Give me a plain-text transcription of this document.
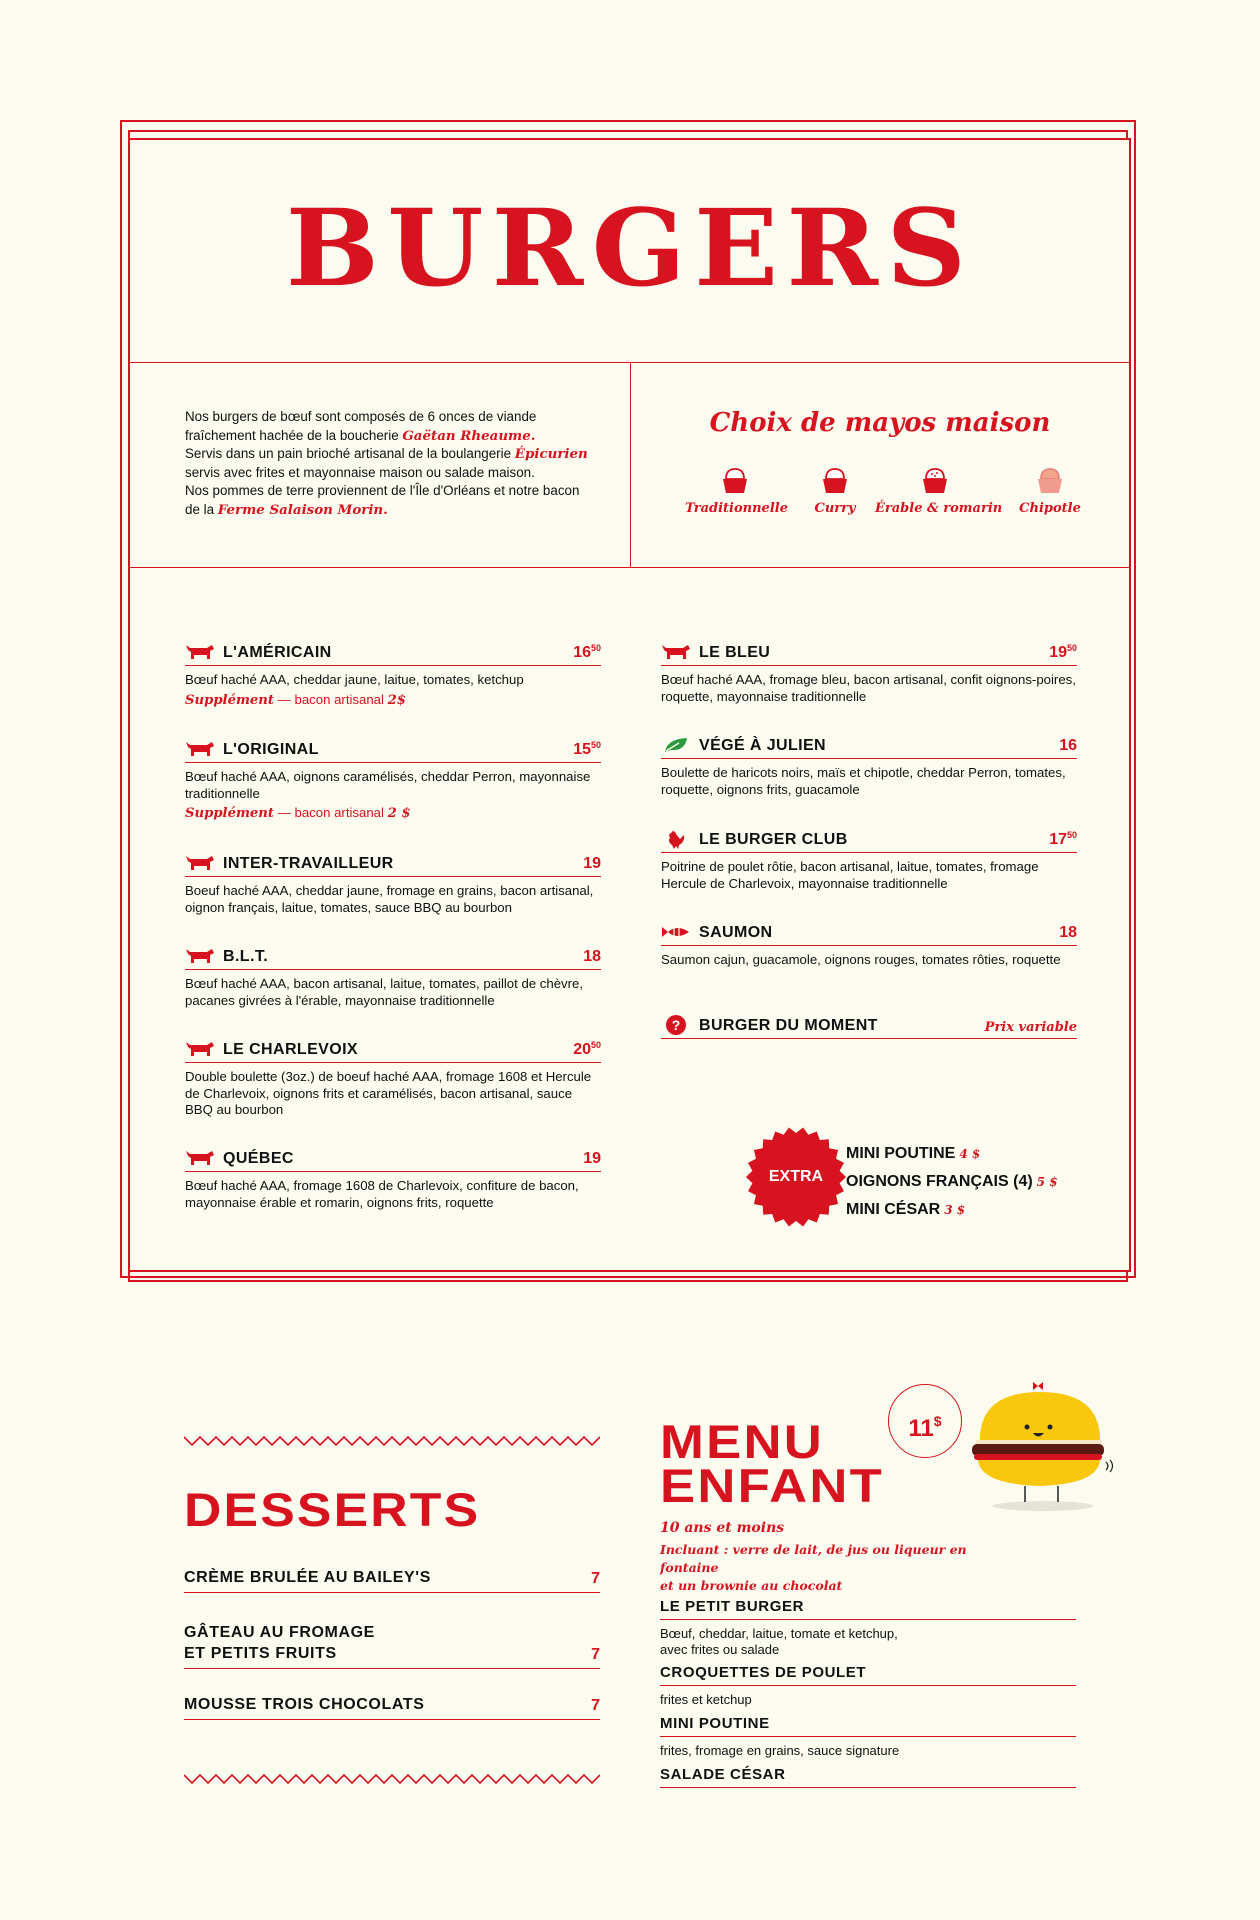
BURGERS
Nos burgers de bœuf sont composés de 6 onces de viande
fraîchement hachée de la boucherie Gaëtan Rheaume.
Servis dans un pain brioché artisanal de la boulangerie Épicurien
servis avec frites et mayonnaise maison ou salade maison.
Nos pommes de terre proviennent de l'Île d'Orléans et notre bacon
de la Ferme Salaison Morin.
Choix de mayos maison
Traditionnelle	Curry	Érable & romarin	Chipotle
L'AMÉRICAIN	$16^{50}$
Bœuf haché AAA, cheddar jaune, laitue, tomates, ketchup
Supplément — bacon artisanal 2$
L'ORIGINAL	$15^{50}$
Bœuf haché AAA, oignons caramélisés, cheddar Perron, mayonnaise traditionnelle
Supplément — bacon artisanal 2 $
INTER-TRAVAILLEUR	19
Boeuf haché AAA, cheddar jaune, fromage en grains, bacon artisanal, oignon français, laitue, tomates, sauce BBQ au bourbon
B.L.T.	18
Bœuf haché AAA, bacon artisanal, laitue, tomates, paillot de chèvre, pacanes givrées à l'érable, mayonnaise traditionnelle
LE CHARLEVOIX	$20^{50}$
Double boulette (3oz.) de boeuf haché AAA, fromage 1608 et Hercule de Charlevoix, oignons frits et caramélisés, bacon artisanal, sauce BBQ au bourbon
QUÉBEC	19
Bœuf haché AAA, fromage 1608 de Charlevoix, confiture de bacon, mayonnaise érable et romarin, oignons frits, roquette
LE BLEU	$19^{50}$
Bœuf haché AAA, fromage bleu, bacon artisanal, confit oignons-poires, roquette, mayonnaise traditionnelle
VÉGÉ À JULIEN	16
Boulette de haricots noirs, maïs et chipotle, cheddar Perron, tomates, roquette, oignons frits, guacamole
LE BURGER CLUB	$17^{50}$
Poitrine de poulet rôtie, bacon artisanal, laitue, tomates, fromage Hercule de Charlevoix, mayonnaise traditionnelle
SAUMON	18
Saumon cajun, guacamole, oignons rouges, tomates rôties, roquette
? BURGER DU MOMENT	Prix variable
EXTRA
MINI POUTINE 4 $
OIGNONS FRANÇAIS (4) 5 $
MINI CÉSAR 3 $
DESSERTS
CRÈME BRULÉE AU BAILEY'S	7
GÂTEAU AU FROMAGE
ET PETITS FRUITS	7
MOUSSE TROIS CHOCOLATS	7
MENU
ENFANT
11$
10 ans et moins
Incluant : verre de lait, de jus ou liqueur en fontaine
et un brownie au chocolat
LE PETIT BURGER
Bœuf, cheddar, laitue, tomate et ketchup,
avec frites ou salade
CROQUETTES DE POULET
frites et ketchup
MINI POUTINE
frites, fromage en grains, sauce signature
SALADE CÉSAR
